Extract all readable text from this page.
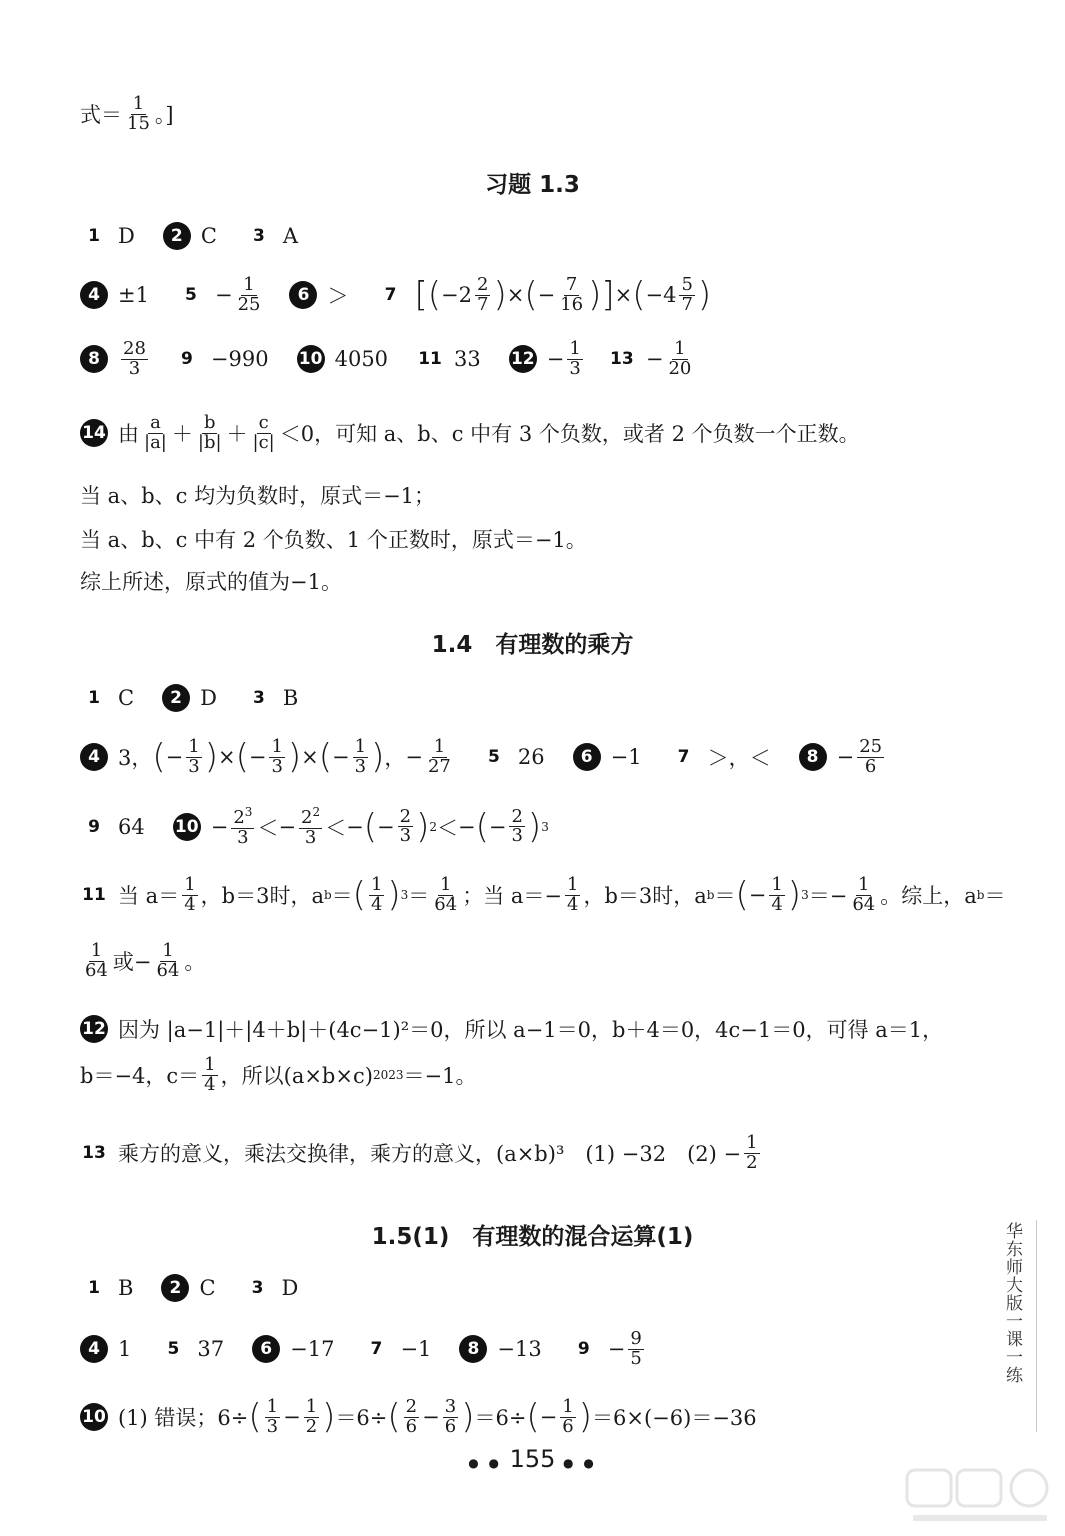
式＝ $\frac{1}{15}$ 。]
习题 1.3
1 D	2 C	3 A
4 ±1	$5 - \frac{1}{25}$	6 ＞	7 [ ( $-2 \frac{2}{7}$ ) × ( − $\frac{7}{16}$ ) ] × ( $-4 \frac{5}{7}$ )
8	$\frac{28}{3}$	9 −990 10 4050 11 33 $12 - \frac{1}{3} 13 - \frac{1}{20}$
14 由 $\frac{a}{|a|} + \frac{b}{|b|} + \frac{c}{|c|} <0$，可知 a、b、c 中有 3 个负数，或者 2 个负数一个正数。
当 a、b、c 均为负数时，原式＝−1；
当 a、b、c 中有 2 个负数、1 个正数时，原式＝−1。
综上所述，原式的值为−1。
1.4　有理数的乘方
1 C	2 D	3 B
4 3， ( − $\frac{1}{3}$ ) × ( − $\frac{1}{3}$ ) × ( − $\frac{1}{3}$ ) ， − $\frac{1}{27}$	5 26	6 −1	7 ＞，＜	$8 - \frac{25}{6}$
9 64 $10 - \frac{2^3}{3}$ ＜ − $\frac{2^2}{3}$ ＜ − ( − $\frac{2}{3}$ ) 2 ＜ − ( − $\frac{2}{3}$ ) 3
11 当 $a= \frac{1}{4}$ ，b＝3时，a b ＝ ( $\frac{1}{4}$ ) $3 = \frac{1}{64}$ ；当 $a=- \frac{1}{4}$ ，b＝3时，a b ＝ ( − $\frac{1}{4}$ ) $3 =- \frac{1}{64}$ 。综上，a b ＝
$\frac{1}{64}$ 或− $\frac{1}{64}$ 。
12 因为 |a−1|＋|4＋b|＋(4c−1)²＝0，所以 a−1＝0，b＋4＝0，4c−1＝0，可得 a＝1，
b＝−4，$c= \frac{1}{4}$ ，所以(a×b×c) 2023 ＝−1。
13 乘方的意义，乘法交换律，乘方的意义，(a×b)³　(1) −32　$(2) - \frac{1}{2}$
1.5(1)　有理数的混合运算(1)
1 B	2 C	3 D
4 1	5 37	6 −17	7 −1	8 −13	$9 - \frac{9}{5}$
10 (1) 错误；6÷ ( $\frac{1}{3} - \frac{1}{2}$ ) ＝6÷ ( $\frac{2}{6} - \frac{3}{6}$ ) ＝6÷ ( − $\frac{1}{6}$ ) ＝6×(−6)＝−36
华东师大版一课一练
● ● 155 ● ●
